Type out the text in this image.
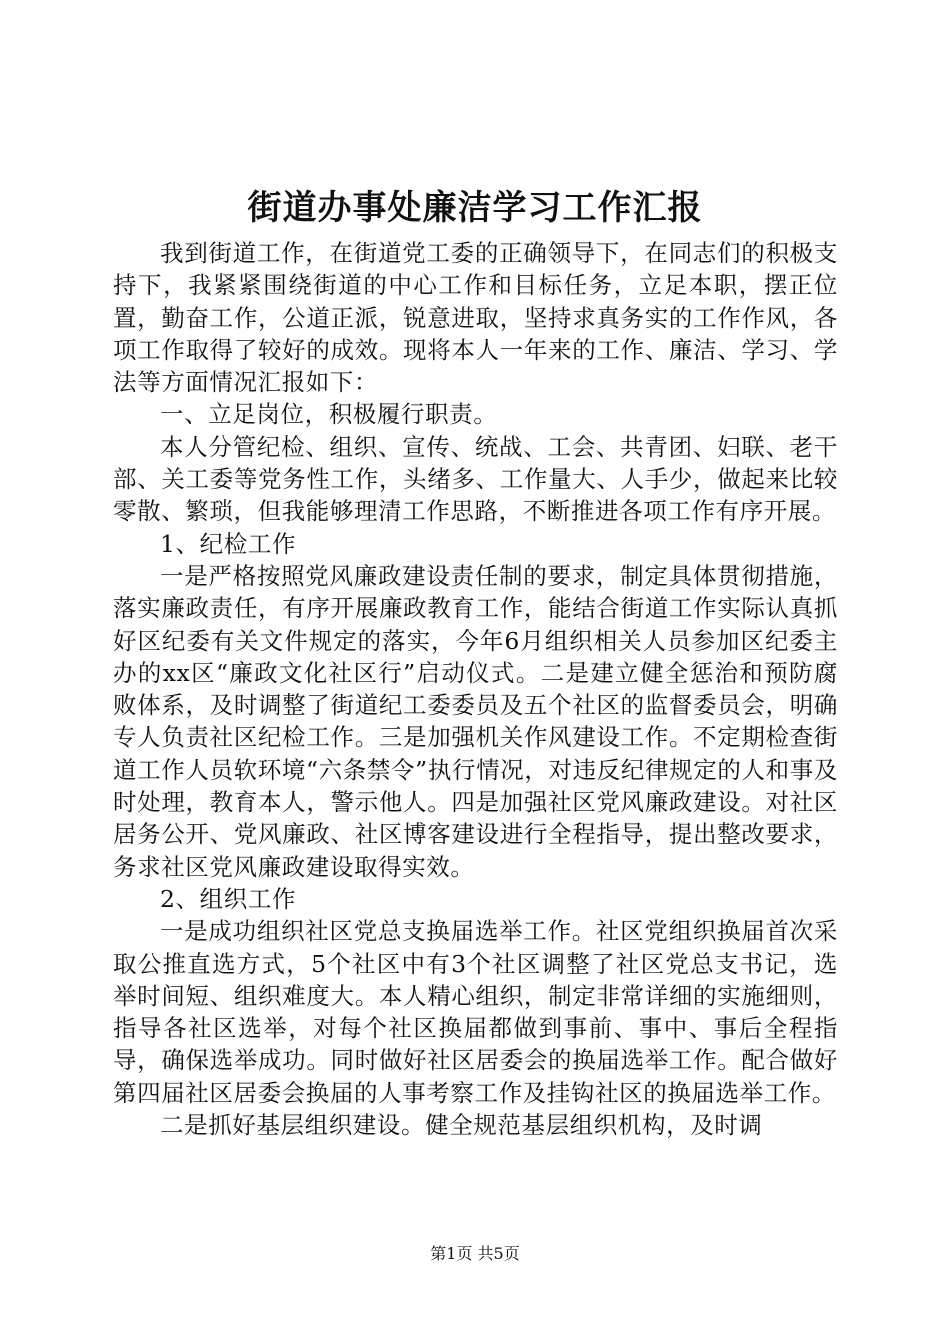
街道办事处廉洁学习工作汇报

我到街道工作，在街道党工委的正确领导下，在同志们的积极支持下，我紧紧围绕街道的中心工作和目标任务，立足本职，摆正位置，勤奋工作，公道正派，锐意进取，坚持求真务实的工作作风，各项工作取得了较好的成效。现将本人一年来的工作、廉洁、学习、学法等方面情况汇报如下：

一、立足岗位，积极履行职责。

本人分管纪检、组织、宣传、统战、工会、共青团、妇联、老干部、关工委等党务性工作，头绪多、工作量大、人手少，做起来比较零散、繁琐，但我能够理清工作思路，不断推进各项工作有序开展。

1、纪检工作

一是严格按照党风廉政建设责任制的要求，制定具体贯彻措施，落实廉政责任，有序开展廉政教育工作，能结合街道工作实际认真抓好区纪委有关文件规定的落实，今年6月组织相关人员参加区纪委主办的xx区“廉政文化社区行”启动仪式。二是建立健全惩治和预防腐败体系，及时调整了街道纪工委委员及五个社区的监督委员会，明确专人负责社区纪检工作。三是加强机关作风建设工作。不定期检查街道工作人员软环境“六条禁令”执行情况，对违反纪律规定的人和事及时处理，教育本人，警示他人。四是加强社区党风廉政建设。对社区居务公开、党风廉政、社区博客建设进行全程指导，提出整改要求，务求社区党风廉政建设取得实效。

2、组织工作

一是成功组织社区党总支换届选举工作。社区党组织换届首次采取公推直选方式，5个社区中有3个社区调整了社区党总支书记，选举时间短、组织难度大。本人精心组织，制定非常详细的实施细则，指导各社区选举，对每个社区换届都做到事前、事中、事后全程指导，确保选举成功。同时做好社区居委会的换届选举工作。配合做好第四届社区居委会换届的人事考察工作及挂钩社区的换届选举工作。

二是抓好基层组织建设。健全规范基层组织机构，及时调

第1页 共5页
